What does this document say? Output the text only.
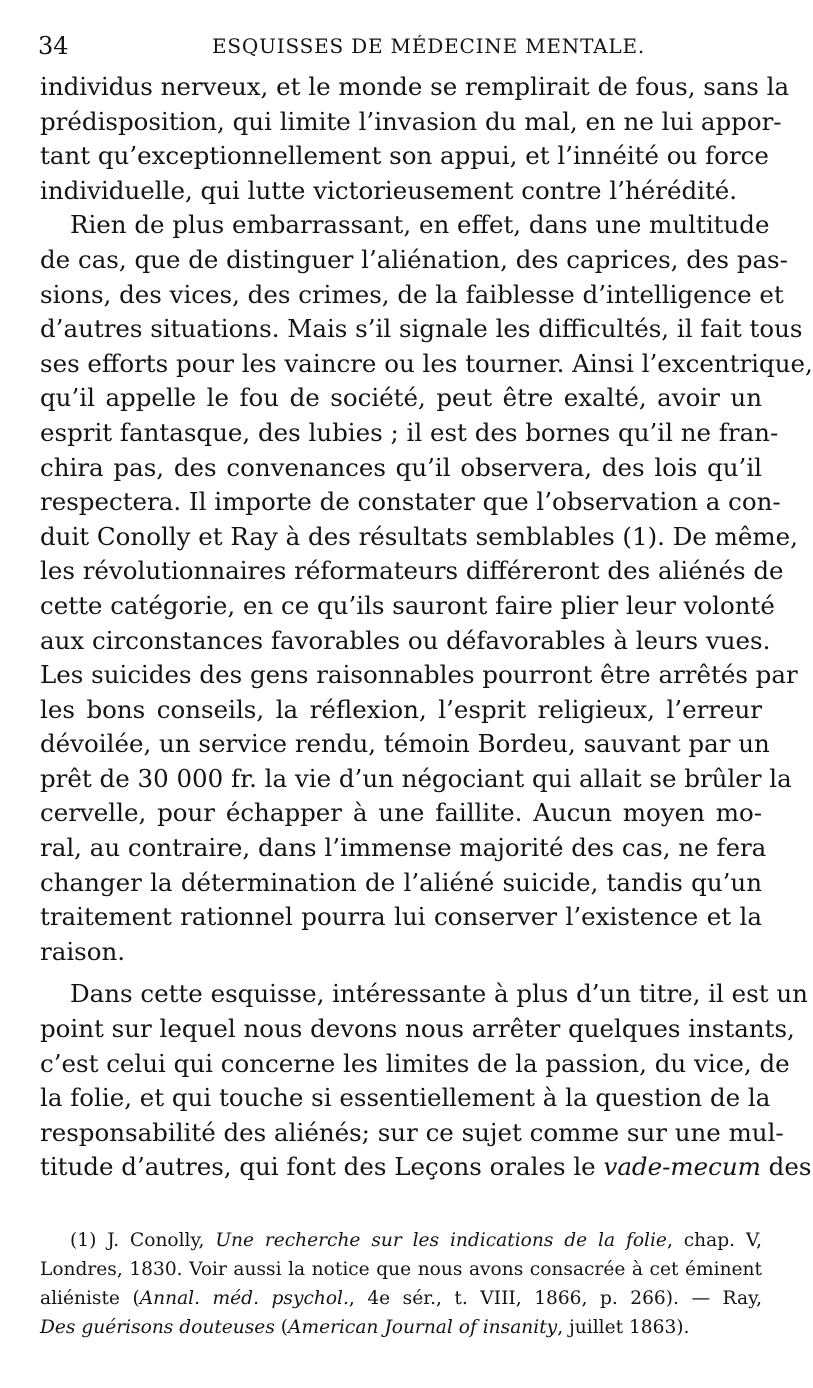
34	ESQUISSES DE MÉDECINE MENTALE.
individus nerveux, et le monde se remplirait de fous, sans la
prédisposition, qui limite l’invasion du mal, en ne lui appor-
tant qu’exceptionnellement son appui, et l’innéité ou force
individuelle, qui lutte victorieusement contre l’hérédité.
Rien de plus embarrassant, en effet, dans une multitude
de cas, que de distinguer l’aliénation, des caprices, des pas-
sions, des vices, des crimes, de la faiblesse d’intelligence et
d’autres situations. Mais s’il signale les difficultés, il fait tous
ses efforts pour les vaincre ou les tourner. Ainsi l’excentrique,
qu’il appelle le fou de société, peut être exalté, avoir un
esprit fantasque, des lubies ; il est des bornes qu’il ne fran-
chira pas, des convenances qu’il observera, des lois qu’il
respectera. Il importe de constater que l’observation a con-
duit Conolly et Ray à des résultats semblables (1). De même,
les révolutionnaires réformateurs différeront des aliénés de
cette catégorie, en ce qu’ils sauront faire plier leur volonté
aux circonstances favorables ou défavorables à leurs vues.
Les suicides des gens raisonnables pourront être arrêtés par
les bons conseils, la réflexion, l’esprit religieux, l’erreur
dévoilée, un service rendu, témoin Bordeu, sauvant par un
prêt de 30 000 fr. la vie d’un négociant qui allait se brûler la
cervelle, pour échapper à une faillite. Aucun moyen mo-
ral, au contraire, dans l’immense majorité des cas, ne fera
changer la détermination de l’aliéné suicide, tandis qu’un
traitement rationnel pourra lui conserver l’existence et la
raison.
Dans cette esquisse, intéressante à plus d’un titre, il est un
point sur lequel nous devons nous arrêter quelques instants,
c’est celui qui concerne les limites de la passion, du vice, de
la folie, et qui touche si essentiellement à la question de la
responsabilité des aliénés; sur ce sujet comme sur une mul-
titude d’autres, qui font des Leçons orales le vade-mecum des
(1) J. Conolly, Une recherche sur les indications de la folie, chap. V,
Londres, 1830. Voir aussi la notice que nous avons consacrée à cet éminent
aliéniste (Annal. méd. psychol., 4e sér., t. VIII, 1866, p. 266). — Ray,
Des guérisons douteuses (American Journal of insanity, juillet 1863).
